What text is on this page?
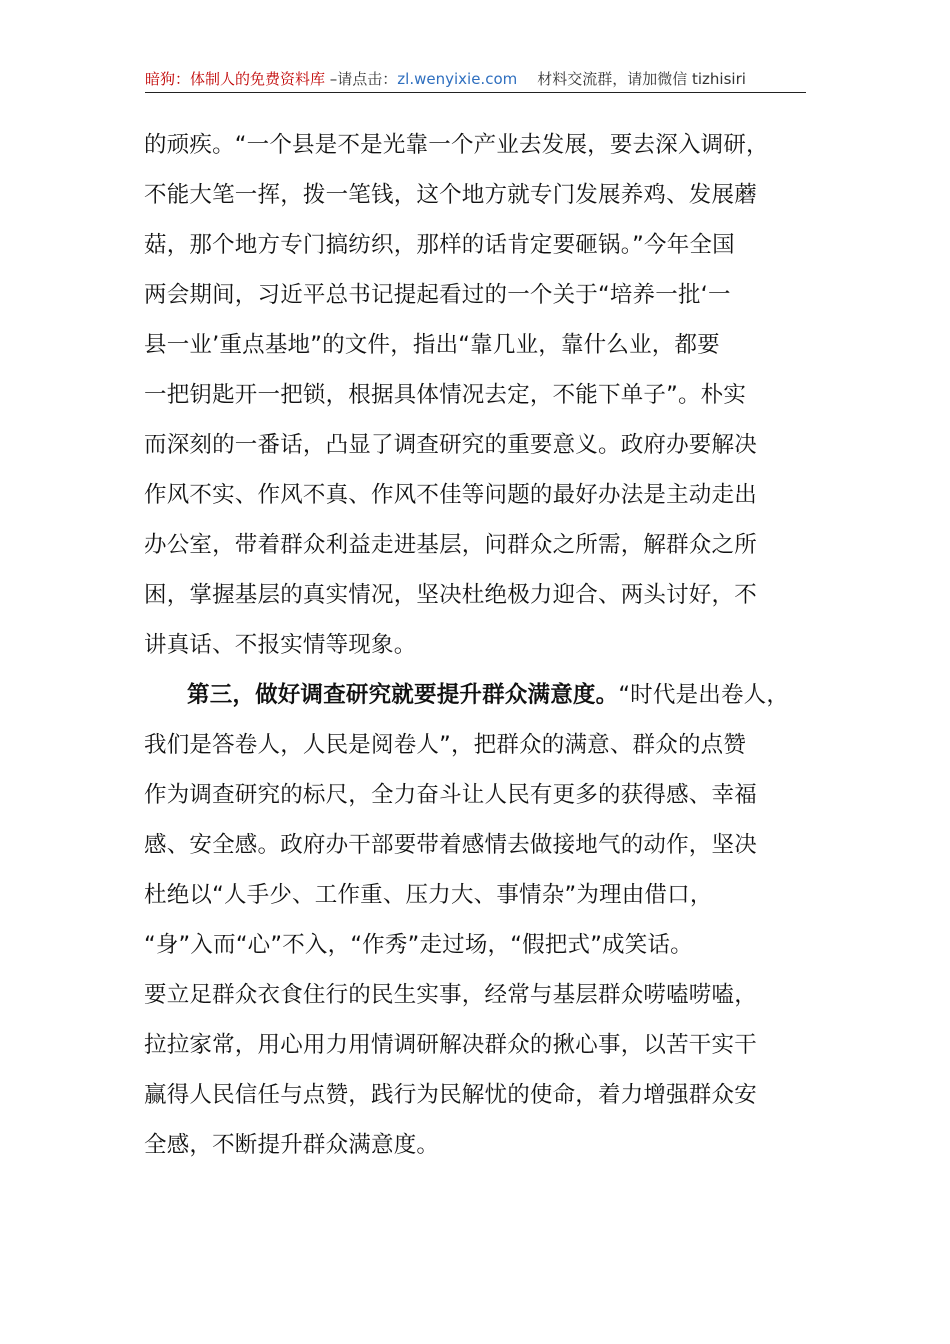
暗狗：体制人的免费资料库 –请点击：zl.wenyixie.com 材料交流群，请加微信 tizhisiri
的顽疾。“一个县是不是光靠一个产业去发展，要去深入调研，
不能大笔一挥，拨一笔钱，这个地方就专门发展养鸡、发展蘑
菇，那个地方专门搞纺织，那样的话肯定要砸锅。”今年全国
两会期间，习近平总书记提起看过的一个关于“培养一批‘一
县一业’重点基地”的文件，指出“靠几业，靠什么业，都要
一把钥匙开一把锁，根据具体情况去定，不能下单子”。朴实
而深刻的一番话，凸显了调查研究的重要意义。政府办要解决
作风不实、作风不真、作风不佳等问题的最好办法是主动走出
办公室，带着群众利益走进基层，问群众之所需，解群众之所
困，掌握基层的真实情况，坚决杜绝极力迎合、两头讨好，不
讲真话、不报实情等现象。
第三，做好调查研究就要提升群众满意度。“时代是出卷人，
我们是答卷人，人民是阅卷人”，把群众的满意、群众的点赞
作为调查研究的标尺，全力奋斗让人民有更多的获得感、幸福
感、安全感。政府办干部要带着感情去做接地气的动作，坚决
杜绝以“人手少、工作重、压力大、事情杂”为理由借口，
“身”入而“心”不入，“作秀”走过场，“假把式”成笑话。
要立足群众衣食住行的民生实事，经常与基层群众唠嗑唠嗑，
拉拉家常，用心用力用情调研解决群众的揪心事，以苦干实干
赢得人民信任与点赞，践行为民解忧的使命，着力增强群众安
全感，不断提升群众满意度。
